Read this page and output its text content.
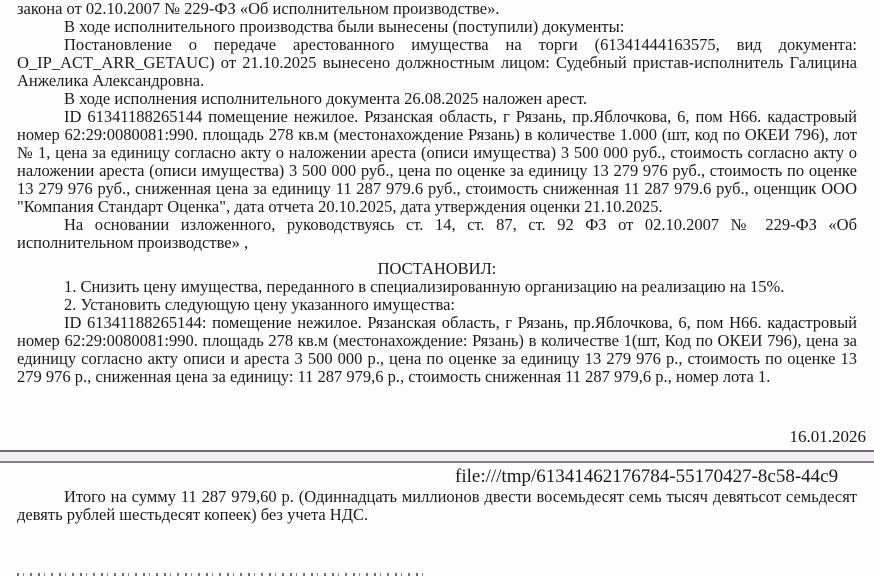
закона от 02.10.2007 № 229-ФЗ «Об исполнительном производстве».

В ходе исполнительного производства были вынесены (поступили) документы:

Постановление о передаче арестованного имущества на торги (61341444163575, вид документа: O_IP_ACT_ARR_GETAUC) от 21.10.2025 вынесено должностным лицом: Судебный пристав-исполнитель Галицина Анжелика Александровна.

В ходе исполнения исполнительного документа 26.08.2025 наложен арест.

ID 61341188265144 помещение нежилое. Рязанская область, г Рязань, пр.Яблочкова, 6, пом Н66. кадастровый номер 62:29:0080081:990. площадь 278 кв.м (местонахождение Рязань) в количестве 1.000 (шт, код по ОКЕИ 796), лот № 1, цена за единицу согласно акту о наложении ареста (описи имущества) 3 500 000 руб., стоимость согласно акту о наложении ареста (описи имущества) 3 500 000 руб., цена по оценке за единицу 13 279 976 руб., стоимость по оценке 13 279 976 руб., сниженная цена за единицу 11 287 979.6 руб., стоимость сниженная 11 287 979.6 руб., оценщик ООО "Компания Стандарт Оценка", дата отчета 20.10.2025, дата утверждения оценки 21.10.2025.

На основании изложенного, руководствуясь ст. 14, ст. 87, ст. 92 ФЗ от 02.10.2007 № 229-ФЗ «Об исполнительном производстве» ,

ПОСТАНОВИЛ:

1. Снизить цену имущества, переданного в специализированную организацию на реализацию на 15%.

2. Установить следующую цену указанного имущества:

ID 61341188265144: помещение нежилое. Рязанская область, г Рязань, пр.Яблочкова, 6, пом Н66. кадастровый номер 62:29:0080081:990. площадь 278 кв.м (местонахождение: Рязань) в количестве 1(шт, Код по ОКЕИ 796), цена за единицу согласно акту описи и ареста 3 500 000 р., цена по оценке за единицу 13 279 976 р., стоимость по оценке 13 279 976 р., сниженная цена за единицу: 11 287 979,6 р., стоимость сниженная 11 287 979,6 р., номер лота 1.

16.01.2026

file:///tmp/61341462176784-55170427-8c58-44c9

Итого на сумму 11 287 979,60 р. (Одиннадцать миллионов двести восемьдесят семь тысяч девятьсот семьдесят девять рублей шестьдесят копеек) без учета НДС.
